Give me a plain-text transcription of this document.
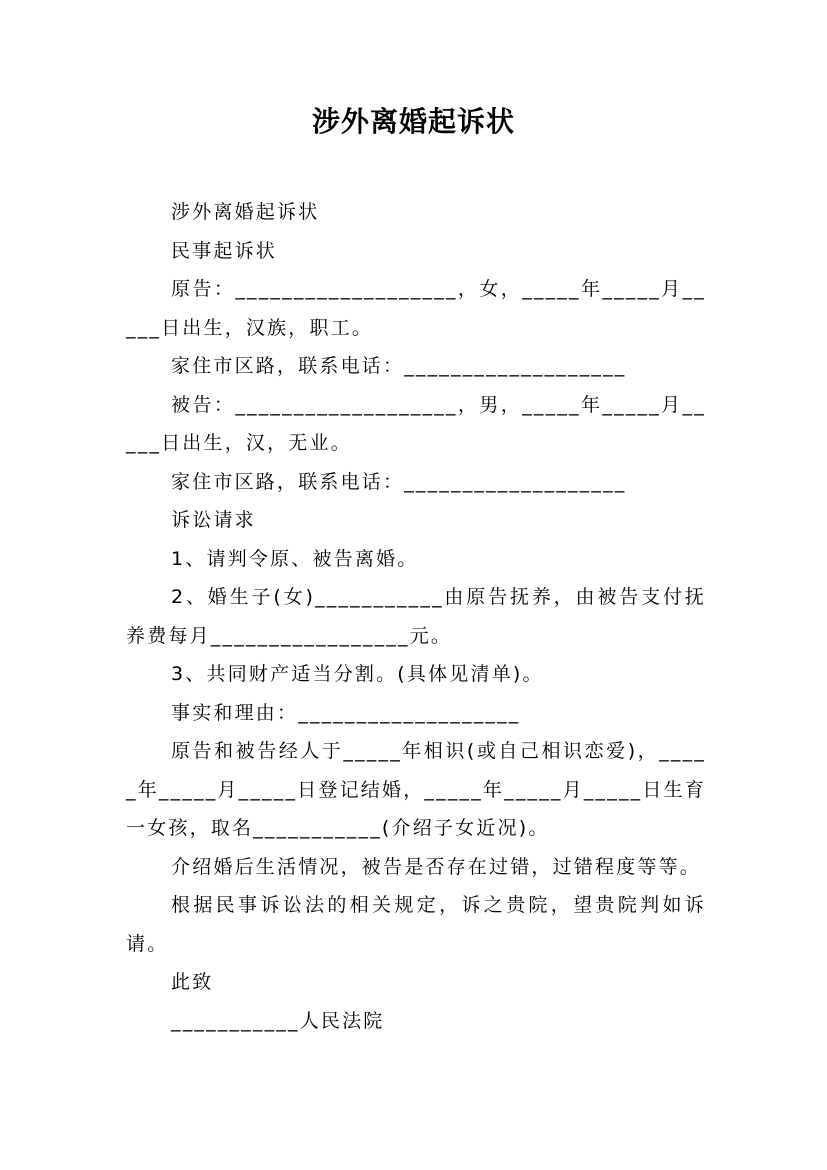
涉外离婚起诉状

涉外离婚起诉状

民事起诉状

原告：___________________，女，_____年_____月_____日出生，汉族，职工。

家住市区路，联系电话：___________________

被告：___________________，男，_____年_____月_____日出生，汉，无业。

家住市区路，联系电话：___________________

诉讼请求

1、请判令原、被告离婚。

2、婚生子(女)___________由原告抚养，由被告支付抚养费每月_________________元。

3、共同财产适当分割。(具体见清单)。

事实和理由：___________________

原告和被告经人于_____年相识(或自己相识恋爱)，_____年_____月_____日登记结婚，_____年_____月_____日生育一女孩，取名___________(介绍子女近况)。

介绍婚后生活情况，被告是否存在过错，过错程度等等。

根据民事诉讼法的相关规定，诉之贵院，望贵院判如诉请。

此致

___________人民法院
